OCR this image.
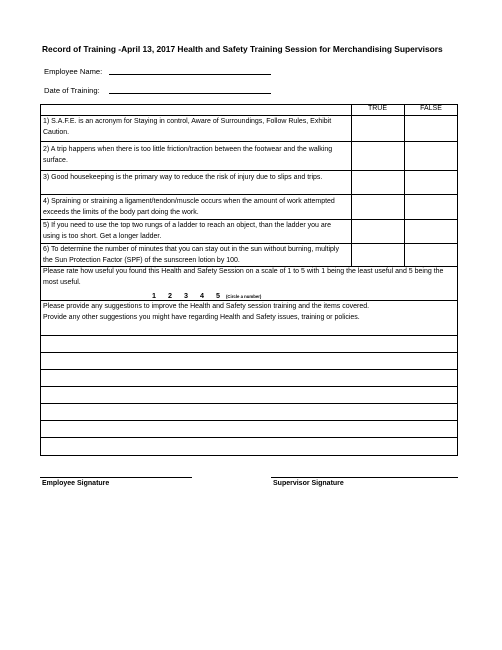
Record of Training -April 13, 2017 Health and Safety Training Session for Merchandising Supervisors
Employee Name:
Date of Training:
TRUE	FALSE
1) S.A.F.E. is an acronym for Staying in control, Aware of Surroundings, Follow Rules, Exhibit Caution.
2) A trip happens when there is too little friction/traction between the footwear and the walking surface.
3) Good housekeeping is the primary way to reduce the risk of injury due to slips and trips.
4) Spraining or straining a ligament/tendon/muscle occurs when the amount of work attempted exceeds the limits of the body part doing the work.
5) If you need to use the top two rungs of a ladder to reach an object, than the ladder you are using is too short. Get a longer ladder.
6) To determine the number of minutes that you can stay out in the sun without burning, multiply the Sun Protection Factor (SPF) of the sunscreen lotion by 100.
Please rate how useful you found this Health and Safety Session on a scale of 1 to 5 with 1 being the least useful and 5 being the most useful.
1 2 3 4 5 (Circle a number)
Please provide any suggestions to improve the Health and Safety session training and the items covered.
Provide any other suggestions you might have regarding Health and Safety issues, training or policies.
Employee Signature	Supervisor Signature
